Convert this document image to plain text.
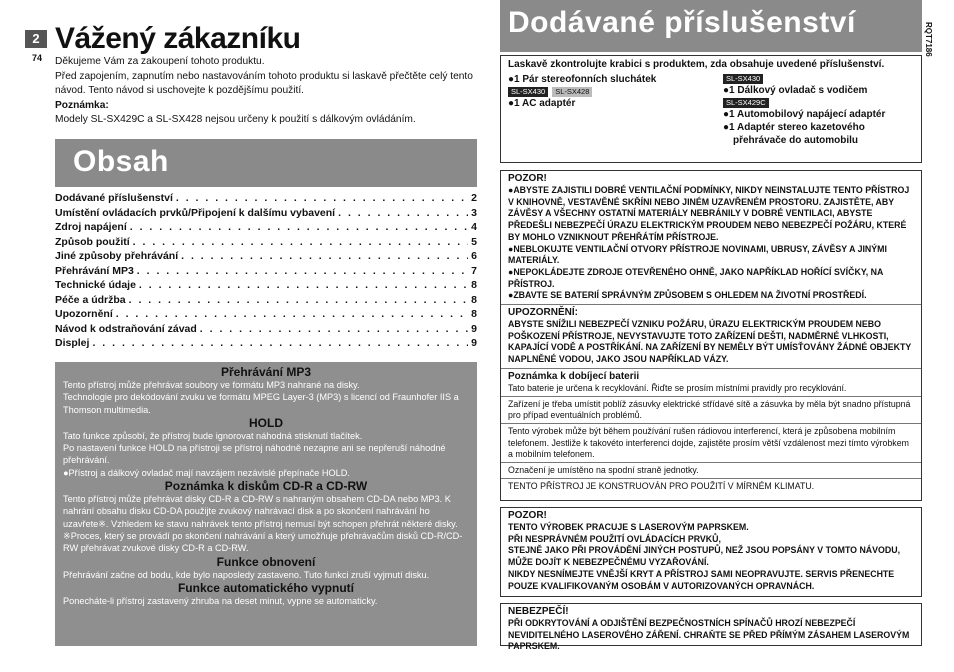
2
74
Vážený zákazníku
Děkujeme Vám za zakoupení tohoto produktu.
Před zapojením, zapnutím nebo nastavováním tohoto produktu si laskavě přečtěte celý tento návod. Tento návod si uschovejte k pozdějšímu použití.
Poznámka:
Modely SL-SX429C a SL-SX428 nejsou určeny k použití s dálkovým ovládáním.
Obsah
Dodávané příslušenství . . .	2
Umístění ovládacích prvků/Připojení k dalšímu vybavení . . .	3
Zdroj napájení . . .	4
Způsob použití . . .	5
Jiné způsoby přehrávání . . .	6
Přehrávání MP3 . . .	7
Technické údaje . . .	8
Péče a údržba . . .	8
Upozornění . . .	8
Návod k odstraňování závad . . .	9
Displej . . .	9
Přehrávání MP3
Tento přístroj může přehrávat soubory ve formátu MP3 nahrané na disky.
Technologie pro dekódování zvuku ve formátu MPEG Layer-3 (MP3) s licencí od Fraunhofer IIS a Thomson multimedia.
HOLD
Tato funkce způsobí, že přístroj bude ignorovat náhodná stisknutí tlačítek.
Po nastavení funkce HOLD na přístroji se přístroj náhodně nezapne ani se nepřeruší náhodné přehrávání.
●Přístroj a dálkový ovladač mají navzájem nezávislé přepínače HOLD.
Poznámka k diskům CD-R a CD-RW
Tento přístroj může přehrávat disky CD-R a CD-RW s nahraným obsahem CD-DA nebo MP3. K nahrání obsahu disku CD-DA použijte zvukový nahrávací disk a po skončení nahrávání ho uzavřete※. Vzhledem ke stavu nahrávek tento přístroj nemusí být schopen přehrát některé disky.
※Proces, který se provádí po skončení nahrávání a který umožňuje přehrávačům disků CD-R/CD-RW přehrávat zvukové disky CD-R a CD-RW.
Funkce obnovení
Přehrávání začne od bodu, kde bylo naposledy zastaveno. Tuto funkci zruší vyjmutí disku.
Funkce automatického vypnutí
Ponecháte-li přístroj zastavený zhruba na deset minut, vypne se automaticky.
Dodávané příslušenství	RQT7186
Laskavě zkontrolujte krabici s produktem, zda obsahuje uvedené příslušenství.
●1 Pár stereofonních sluchátek
SL-SX430 SL-SX428
●1 AC adaptér
SL-SX430
●1 Dálkový ovladač s vodičem
SL-SX429C
●1 Automobilový napájecí adaptér
●1 Adaptér stereo kazetového
přehrávače do automobilu
POZOR!
●ABYSTE ZAJISTILI DOBRÉ VENTILAČNÍ PODMÍNKY, NIKDY NEINSTALUJTE TENTO PŘÍSTROJ V KNIHOVNĚ, VESTAVĚNÉ SKŘÍNI NEBO JINÉM UZAVŘENÉM PROSTORU. ZAJISTĚTE, ABY ZÁVĚSY A VŠECHNY OSTATNÍ MATERIÁLY NEBRÁNILY V DOBRÉ VENTILACI, ABYSTE PŘEDEŠLI NEBEZPEČÍ ÚRAZU ELEKTRICKÝM PROUDEM NEBO NEBEZPEČÍ POŽÁRU, KTERÉ BY MOHLO VZNIKNOUT PŘEHŘÁTÍM PŘÍSTROJE.
●NEBLOKUJTE VENTILAČNÍ OTVORY PŘÍSTROJE NOVINAMI, UBRUSY, ZÁVĚSY A JINÝMI MATERIÁLY.
●NEPOKLÁDEJTE ZDROJE OTEVŘENÉHO OHNĚ, JAKO NAPŘÍKLAD HOŘÍCÍ SVÍČKY, NA PŘÍSTROJ.
●ZBAVTE SE BATERIÍ SPRÁVNÝM ZPŮSOBEM S OHLEDEM NA ŽIVOTNÍ PROSTŘEDÍ.
UPOZORNĚNÍ:
ABYSTE SNÍŽILI NEBEZPEČÍ VZNIKU POŽÁRU, ÚRAZU ELEKTRICKÝM PROUDEM NEBO POŠKOZENÍ PŘÍSTROJE, NEVYSTAVUJTE TOTO ZAŘÍZENÍ DEŠTI, NADMĚRNÉ VLHKOSTI, KAPAJÍCÍ VODĚ A POSTŘÍKÁNÍ. NA ZAŘÍZENÍ BY NEMĚLY BÝT UMÍSŤOVÁNY ŽÁDNÉ OBJEKTY NAPLNĚNÉ VODOU, JAKO JSOU NAPŘÍKLAD VÁZY.
Poznámka k dobíjecí baterii
Tato baterie je určena k recyklování. Řiďte se prosím místními pravidly pro recyklování.
Zařízení je třeba umístit poblíž zásuvky elektrické střídavé sítě a zásuvka by měla být snadno přístupná pro případ eventuálních problémů.
Tento výrobek může být během používání rušen rádiovou interferencí, která je způsobena mobilním telefonem. Jestliže k takovéto interferenci dojde, zajistěte prosím větší vzdálenost mezi tímto výrobkem a mobilním telefonem.
Označení je umístěno na spodní straně jednotky.
TENTO PŘÍSTROJ JE KONSTRUOVÁN PRO POUŽITÍ V MÍRNÉM KLIMATU.
POZOR!
TENTO VÝROBEK PRACUJE S LASEROVÝM PAPRSKEM.
PŘI NESPRÁVNÉM POUŽITÍ OVLÁDACÍCH PRVKŮ,
STEJNĚ JAKO PŘI PROVÁDĚNÍ JINÝCH POSTUPŮ, NEŽ JSOU POPSÁNY V TOMTO NÁVODU, MŮŽE DOJÍT K NEBEZPEČNÉMU VYZAŘOVÁNÍ.
NIKDY NESNÍMEJTE VNĚJŠÍ KRYT A PŘÍSTROJ SAMI NEOPRAVUJTE. SERVIS PŘENECHTE POUZE KVALIFIKOVANÝM OSOBÁM V AUTORIZOVANÝCH OPRAVNÁCH.
NEBEZPEČÍ!
PŘI ODKRYTOVÁNÍ A ODJIŠTĚNÍ BEZPEČNOSTNÍCH SPÍNAČŮ HROZÍ NEBEZPEČÍ NEVIDITELNÉHO LASEROVÉHO ZÁŘENÍ. CHRAŇTE SE PŘED PŘÍMÝM ZÁSAHEM LASEROVÝM PAPRSKEM.
